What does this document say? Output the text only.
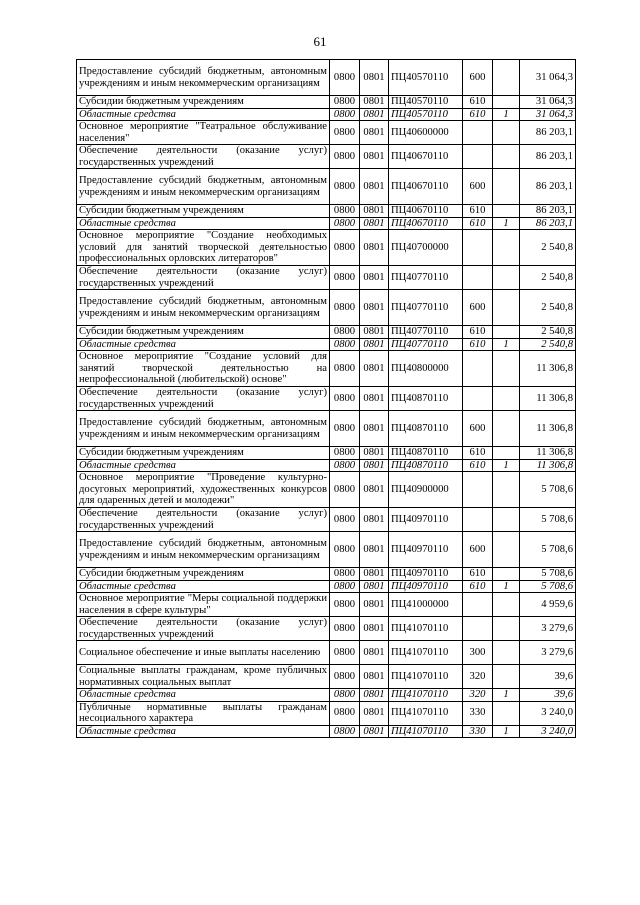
61
Предоставление субсидий бюджетным, автономным учреждениям и иным некоммерческим организациям	0800	0801	ПЦ40570110	600		31 064,3
Субсидии бюджетным учреждениям	0800	0801	ПЦ40570110	610		31 064,3
Областные средства	0800	0801	ПЦ40570110	610	1	31 064,3
Основное мероприятие "Театральное обслуживание населения"	0800	0801	ПЦ40600000			86 203,1
Обеспечение деятельности (оказание услуг) государственных учреждений	0800	0801	ПЦ40670110			86 203,1
Предоставление субсидий бюджетным, автономным учреждениям и иным некоммерческим организациям	0800	0801	ПЦ40670110	600		86 203,1
Субсидии бюджетным учреждениям	0800	0801	ПЦ40670110	610		86 203,1
Областные средства	0800	0801	ПЦ40670110	610	1	86 203,1
Основное мероприятие "Создание необходимых условий для занятий творческой деятельностью профессиональных орловских литераторов"	0800	0801	ПЦ40700000			2 540,8
Обеспечение деятельности (оказание услуг) государственных учреждений	0800	0801	ПЦ40770110			2 540,8
Предоставление субсидий бюджетным, автономным учреждениям и иным некоммерческим организациям	0800	0801	ПЦ40770110	600		2 540,8
Субсидии бюджетным учреждениям	0800	0801	ПЦ40770110	610		2 540,8
Областные средства	0800	0801	ПЦ40770110	610	1	2 540,8
Основное мероприятие "Создание условий для занятий творческой деятельностью на непрофессиональной (любительской) основе"	0800	0801	ПЦ40800000			11 306,8
Обеспечение деятельности (оказание услуг) государственных учреждений	0800	0801	ПЦ40870110			11 306,8
Предоставление субсидий бюджетным, автономным учреждениям и иным некоммерческим организациям	0800	0801	ПЦ40870110	600		11 306,8
Субсидии бюджетным учреждениям	0800	0801	ПЦ40870110	610		11 306,8
Областные средства	0800	0801	ПЦ40870110	610	1	11 306,8
Основное мероприятие "Проведение культурно-досуговых мероприятий, художественных конкурсов для одаренных детей и молодежи"	0800	0801	ПЦ40900000			5 708,6
Обеспечение деятельности (оказание услуг) государственных учреждений	0800	0801	ПЦ40970110			5 708,6
Предоставление субсидий бюджетным, автономным учреждениям и иным некоммерческим организациям	0800	0801	ПЦ40970110	600		5 708,6
Субсидии бюджетным учреждениям	0800	0801	ПЦ40970110	610		5 708,6
Областные средства	0800	0801	ПЦ40970110	610	1	5 708,6
Основное мероприятие "Меры социальной поддержки населения в сфере культуры"	0800	0801	ПЦ41000000			4 959,6
Обеспечение деятельности (оказание услуг) государственных учреждений	0800	0801	ПЦ41070110			3 279,6
Социальное обеспечение и иные выплаты населению	0800	0801	ПЦ41070110	300		3 279,6
Социальные выплаты гражданам, кроме публичных нормативных социальных выплат	0800	0801	ПЦ41070110	320		39,6
Областные средства	0800	0801	ПЦ41070110	320	1	39,6
Публичные нормативные выплаты гражданам несоциального характера	0800	0801	ПЦ41070110	330		3 240,0
Областные средства	0800	0801	ПЦ41070110	330	1	3 240,0
